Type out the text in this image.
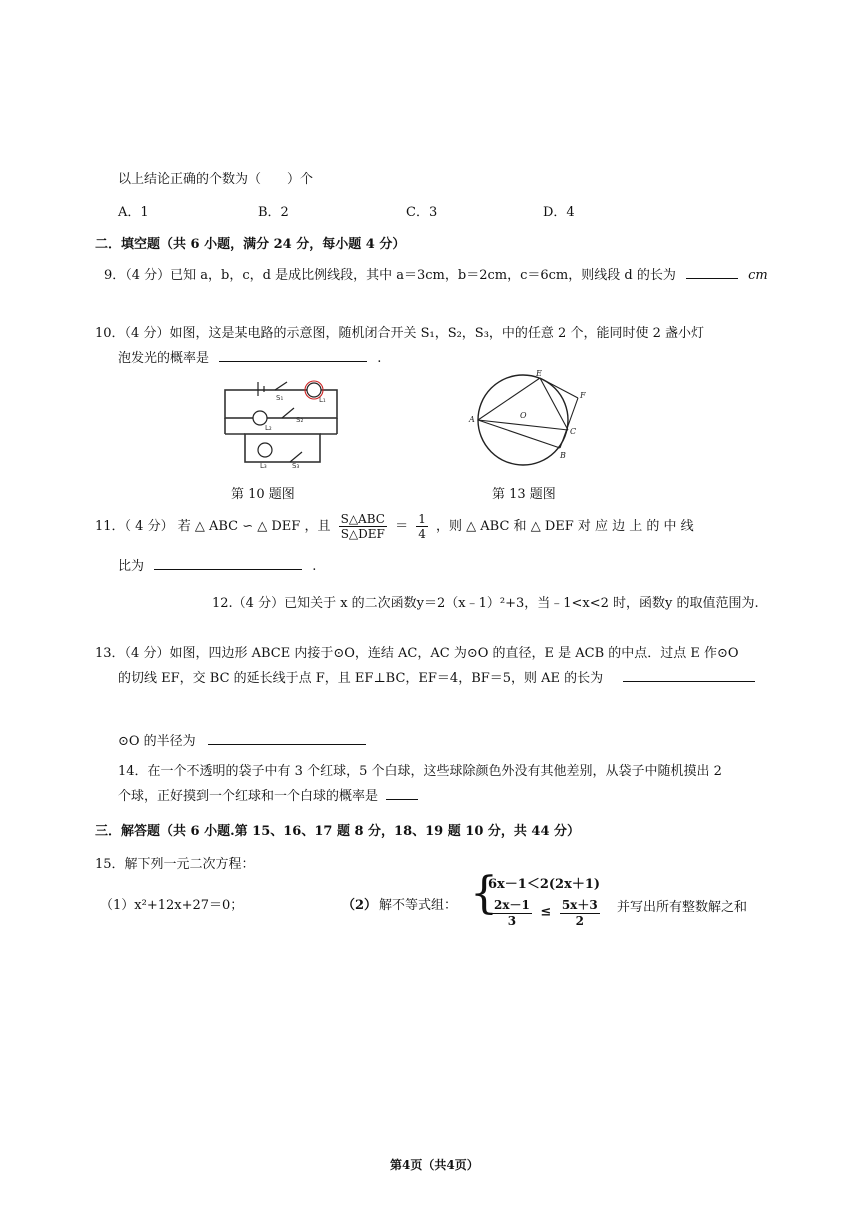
以上结论正确的个数为（　　）个
A．1	B．2	C．3	D．4
二．填空题（共 6 小题，满分 24 分，每小题 4 分）
9．（4 分）已知 a，b，c，d 是成比例线段，其中 a＝3cm，b＝2cm，c＝6cm，则线段 d 的长为	cm
10．（4 分）如图，这是某电路的示意图，随机闭合开关 S₁，S₂，S₃，中的任意 2 个，能同时使 2 盏小灯
泡发光的概率是	.
S₁
S₂
S₃
L₁
L₂
L₃
第 10 题图
A
B
C
E
F
O
第 13 题图
11．（ 4 分） 若 △ ABC ∽ △ DEF ，且 $\frac{\text{S△ABC}}{\text{S△DEF}} = \frac{1}{4}$ ，则 △ ABC 和 △ DEF 对 应 边 上 的 中 线
比为	.
12.（4 分）已知关于 x 的二次函数y＝2（x﹣1）²+3，当﹣1<x<2 时，函数y 的取值范围为.
13．（4 分）如图，四边形 ABCE 内接于⊙O，连结 AC，AC 为⊙O 的直径，E 是 ACB 的中点．过点 E 作⊙O
的切线 EF，交 BC 的延长线于点 F，且 EF⊥BC，EF＝4，BF＝5，则 AE 的长为
⊙O 的半径为
14．在一个不透明的袋子中有 3 个红球，5 个白球，这些球除颜色外没有其他差别，从袋子中随机摸出 2
个球，正好摸到一个红球和一个白球的概率是
三．解答题（共 6 小题.第 15、16、17 题 8 分，18、19 题 10 分，共 44 分）
15．解下列一元二次方程：
（1）x²+12x+27＝0；	（2） 解不等式组： {
6x－1＜2(2x＋1)
$\frac{2x-1}{3} \le \frac{5x+3}{2}$ 并写出所有整数解之和
第4页（共4页）
